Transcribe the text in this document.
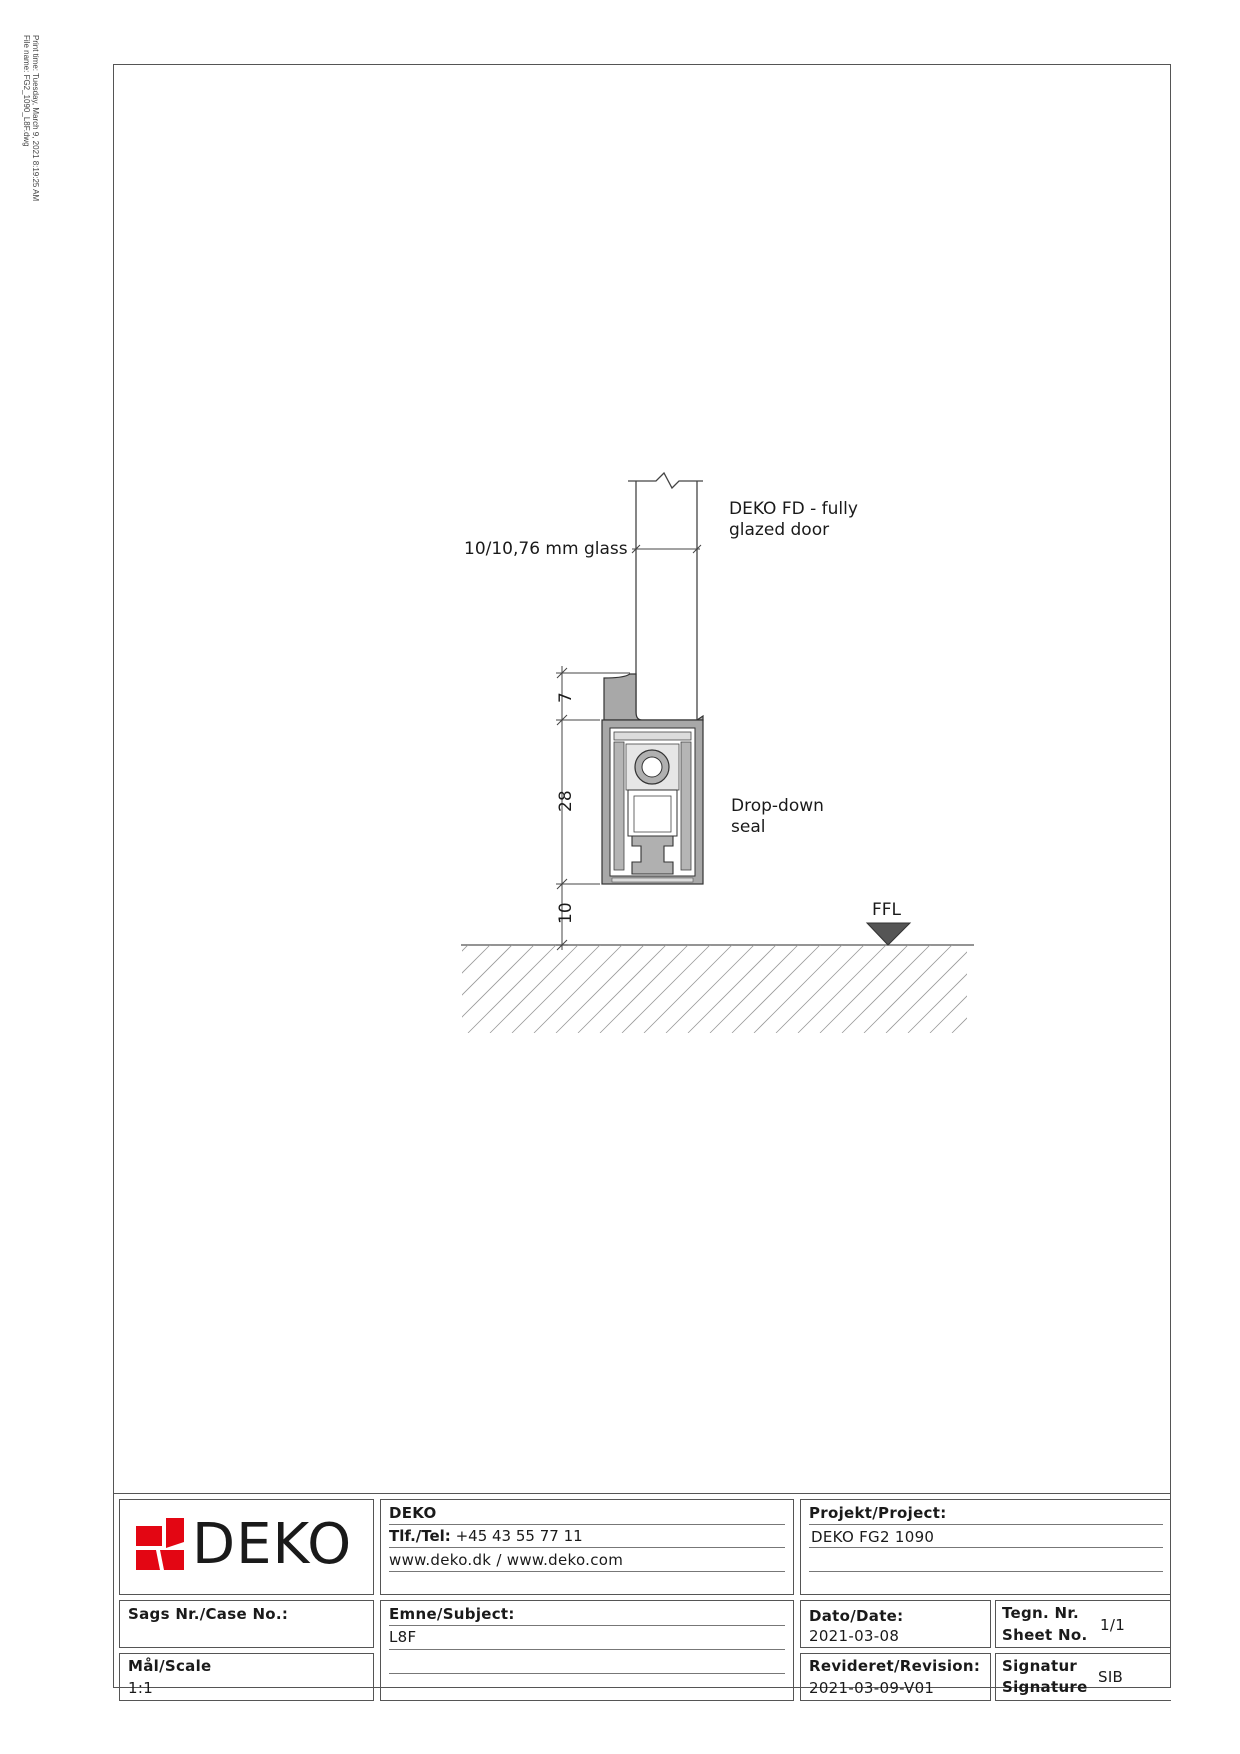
Print time: Tuesday, March 9, 2021 8:19:25 AM
File name: FG2_1090_L8F.dwg
DEKO FD - fully
glazed door
10/10,76 mm glass
Drop-down
seal
FFL
7
28
10
DEKO DEKO
Tlf./Tel: +45 43 55 77 11
www.deko.dk / www.deko.com
Projekt/Project:
DEKO FG2 1090
Sags Nr./Case No.:	Emne/Subject:
L8F
Dato/Date:
2021-03-08
Tegn. Nr.
Sheet No.
1/1
Mål/Scale
1:1
Revideret/Revision:
2021-03-09-V01
Signatur
Signature
SIB
